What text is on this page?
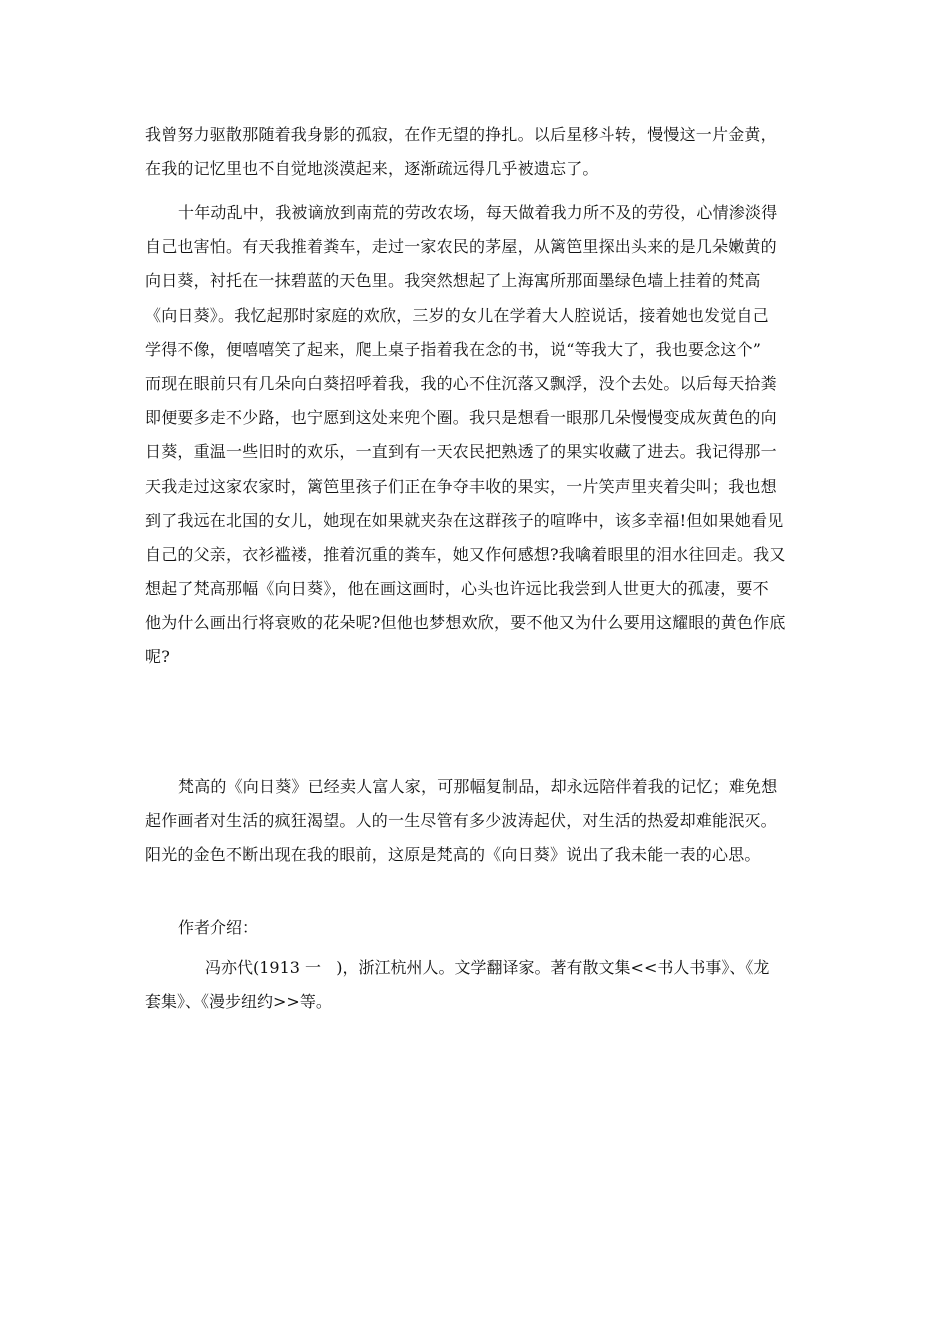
我曾努力驱散那随着我身影的孤寂，在作无望的挣扎。以后星移斗转，慢慢这一片金黄，
在我的记忆里也不自觉地淡漠起来，逐渐疏远得几乎被遗忘了。
十年动乱中，我被谪放到南荒的劳改农场，每天做着我力所不及的劳役，心情渗淡得
自己也害怕。有天我推着粪车，走过一家农民的茅屋，从篱笆里探出头来的是几朵嫩黄的
向日葵，衬托在一抹碧蓝的天色里。我突然想起了上海寓所那面墨绿色墙上挂着的梵高
《向日葵》。我忆起那时家庭的欢欣，三岁的女儿在学着大人腔说话，接着她也发觉自己
学得不像，便嘻嘻笑了起来，爬上桌子指着我在念的书，说“等我大了，我也要念这个”
而现在眼前只有几朵向白葵招呼着我，我的心不住沉落又飘浮，没个去处。以后每天拾粪
即便要多走不少路，也宁愿到这处来兜个圈。我只是想看一眼那几朵慢慢变成灰黄色的向
日葵，重温一些旧时的欢乐，一直到有一天农民把熟透了的果实收藏了进去。我记得那一
天我走过这家农家时，篱笆里孩子们正在争夺丰收的果实，一片笑声里夹着尖叫；我也想
到了我远在北国的女儿，她现在如果就夹杂在这群孩子的喧哗中，该多幸福!但如果她看见
自己的父亲，衣衫褴褛，推着沉重的粪车，她又作何感想?我噙着眼里的泪水往回走。我又
想起了梵高那幅《向日葵》，他在画这画时，心头也许远比我尝到人世更大的孤凄，要不
他为什么画出行将衰败的花朵呢?但他也梦想欢欣，要不他又为什么要用这耀眼的黄色作底
呢?
梵高的《向日葵》已经卖人富人家，可那幅复制品，却永远陪伴着我的记忆；难免想
起作画者对生活的疯狂渴望。人的一生尽管有多少波涛起伏，对生活的热爱却难能泯灭。
阳光的金色不断出现在我的眼前，这原是梵高的《向日葵》说出了我未能一表的心思。
作者介绍：
冯亦代(1913 一   )，浙江杭州人。文学翻译家。著有散文集<<书人书事》、《龙
套集》、《漫步纽约>>等。
